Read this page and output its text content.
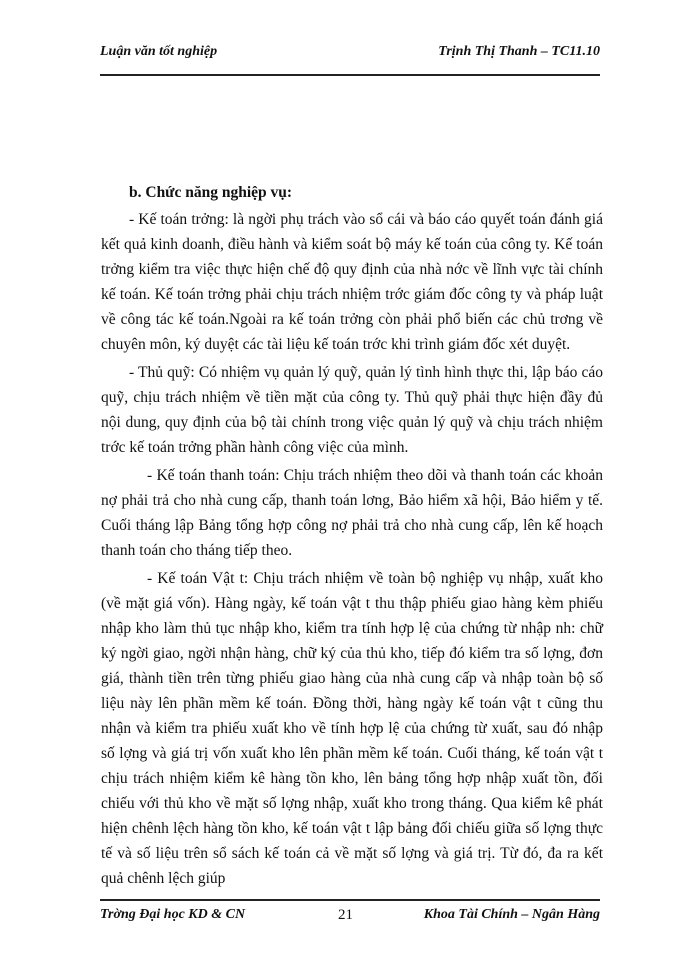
Luận văn tốt nghiệp	Trịnh Thị Thanh – TC11.10
b. Chức năng nghiệp vụ:

- Kế toán trởng: là ngời phụ trách vào sổ cái và báo cáo quyết toán đánh giá kết quả kinh doanh, điều hành và kiểm soát bộ máy kế toán của công ty. Kế toán trởng kiểm tra việc thực hiện chế độ quy định của nhà nớc về lĩnh vực tài chính kế toán. Kế toán trởng phải chịu trách nhiệm trớc giám đốc công ty và pháp luật về công tác kế toán.Ngoài ra kế toán trởng còn phải phổ biến các chủ trơng về chuyên môn, ký duyệt các tài liệu kế toán trớc khi trình giám đốc xét duyệt.

- Thủ quỹ: Có nhiệm vụ quản lý quỹ, quản lý tình hình thực thi, lập báo cáo quỹ, chịu trách nhiệm về tiền mặt của công ty. Thủ quỹ phải thực hiện đầy đủ nội dung, quy định của bộ tài chính trong việc quản lý quỹ và chịu trách nhiệm trớc kế toán trởng phần hành công việc của mình.

- Kế toán thanh toán: Chịu trách nhiệm theo dõi và thanh toán các khoản nợ phải trả cho nhà cung cấp, thanh toán lơng, Bảo hiểm xã hội, Bảo hiểm y tế. Cuối tháng lập Bảng tổng hợp công nợ phải trả cho nhà cung cấp, lên kế hoạch thanh toán cho tháng tiếp theo.

- Kế toán Vật t: Chịu trách nhiệm về toàn bộ nghiệp vụ nhập, xuất kho (về mặt giá vốn). Hàng ngày, kế toán vật t thu thập phiếu giao hàng kèm phiếu nhập kho làm thủ tục nhập kho, kiểm tra tính hợp lệ của chứng từ nhập nh: chữ ký ngời giao, ngời nhận hàng, chữ ký của thủ kho, tiếp đó kiểm tra số lợng, đơn giá, thành tiền trên từng phiếu giao hàng của nhà cung cấp và nhập toàn bộ số liệu này lên phần mềm kế toán. Đồng thời, hàng ngày kế toán vật t cũng thu nhận và kiểm tra phiếu xuất kho về tính hợp lệ của chứng từ xuất, sau đó nhập số lợng và giá trị vốn xuất kho lên phần mềm kế toán. Cuối tháng, kế toán vật t chịu trách nhiệm kiểm kê hàng tồn kho, lên bảng tổng hợp nhập xuất tồn, đối chiếu với thủ kho về mặt số lợng nhập, xuất kho trong tháng. Qua kiểm kê phát hiện chênh lệch hàng tồn kho, kế toán vật t lập bảng đối chiếu giữa số lợng thực tế và số liệu trên sổ sách kế toán cả về mặt số lợng và giá trị. Từ đó, đa ra kết quả chênh lệch giúp

Trờng Đại học KD & CN	21	Khoa Tài Chính – Ngân Hàng
